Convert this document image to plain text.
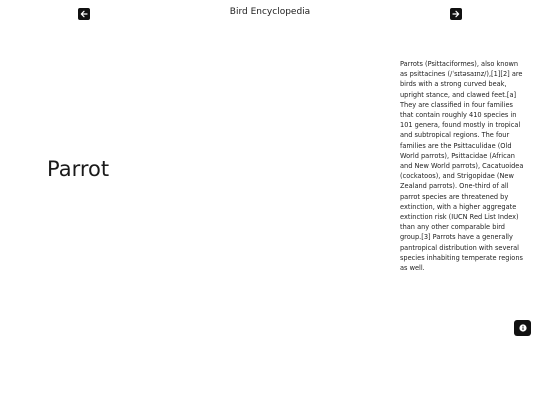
Bird Encyclopedia
Parrot

Parrots (Psittaciformes), also known as psittacines (/ˈsɪtəsaɪnz/),[1][2] are birds with a strong curved beak, upright stance, and clawed feet.[a] They are classified in four families that contain roughly 410 species in 101 genera, found mostly in tropical and subtropical regions. The four families are the Psittaculidae (Old World parrots), Psittacidae (African and New World parrots), Cacatuoidea (cockatoos), and Strigopidae (New Zealand parrots). One-third of all parrot species are threatened by extinction, with a higher aggregate extinction risk (IUCN Red List Index) than any other comparable bird group.[3] Parrots have a generally pantropical distribution with several species inhabiting temperate regions as well.
